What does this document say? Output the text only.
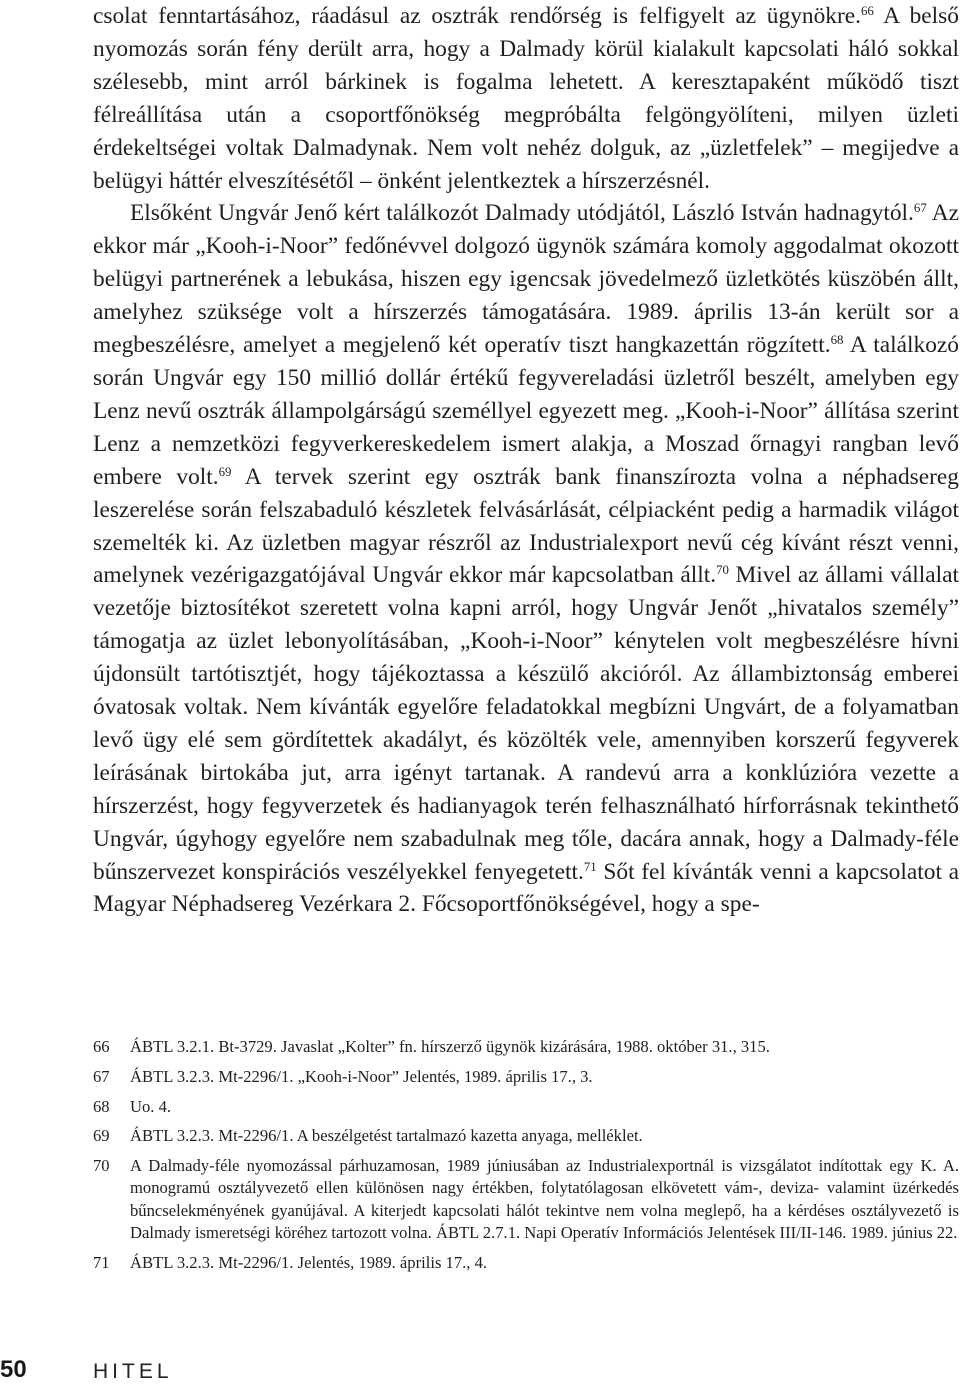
csolat fenntartásához, ráadásul az osztrák rendőrség is felfigyelt az ügynökre.$^{66}$ A belső nyomozás során fény derült arra, hogy a Dalmady körül kialakult kapcsolati háló sokkal szélesebb, mint arról bárkinek is fogalma lehetett. A keresztapaként működő tiszt félreállítása után a csoportfőnökség megpróbálta felgöngyölíteni, milyen üzleti érdekeltségei voltak Dalmadynak. Nem volt nehéz dolguk, az „üzletfelek” – megijedve a belügyi háttér elveszítésétől – önként jelentkeztek a hírszerzésnél.

Elsőként Ungvár Jenő kért találkozót Dalmady utódjától, László István hadnagytól.$^{67}$ Az ekkor már „Kooh-i-Noor” fedőnévvel dolgozó ügynök számára komoly aggodalmat okozott belügyi partnerének a lebukása, hiszen egy igencsak jövedelmező üzletkötés küszöbén állt, amelyhez szüksége volt a hírszerzés támogatására. 1989. április 13-án került sor a megbeszélésre, amelyet a megjelenő két operatív tiszt hangkazettán rögzített.$^{68}$ A találkozó során Ungvár egy 150 millió dollár értékű fegyvereladási üzletről beszélt, amelyben egy Lenz nevű osztrák állampolgárságú személlyel egyezett meg. „Kooh-i-Noor” állítása szerint Lenz a nemzetközi fegyverkereskedelem ismert alakja, a Moszad őrnagyi rangban levő embere volt.$^{69}$ A tervek szerint egy osztrák bank finanszírozta volna a néphadsereg leszerelése során felszabaduló készletek felvásárlását, célpiacként pedig a harmadik világot szemelték ki. Az üzletben magyar részről az Industrialexport nevű cég kívánt részt venni, amelynek vezérigazgatójával Ungvár ekkor már kapcsolatban állt.$^{70}$ Mivel az állami vállalat vezetője biztosítékot szeretett volna kapni arról, hogy Ungvár Jenőt „hivatalos személy” támogatja az üzlet lebonyolításában, „Kooh-i-Noor” kénytelen volt megbeszélésre hívni újdonsült tartótisztjét, hogy tájékoztassa a készülő akcióról. Az állambiztonság emberei óvatosak voltak. Nem kívánták egyelőre feladatokkal megbízni Ungvárt, de a folyamatban levő ügy elé sem gördítettek akadályt, és közölték vele, amennyiben korszerű fegyverek leírásának birtokába jut, arra igényt tartanak. A randevú arra a konklúzióra vezette a hírszerzést, hogy fegyverzetek és hadianyagok terén felhasználható hírforrásnak tekinthető Ungvár, úgyhogy egyelőre nem szabadulnak meg tőle, dacára annak, hogy a Dalmady-féle bűnszervezet konspirációs veszélyekkel fenyegetett.$^{71}$ Sőt fel kívánták venni a kapcsolatot a Magyar Néphadsereg Vezérkara 2. Főcsoportfőnökségével, hogy a spe-

66	ÁBTL 3.2.1. Bt-3729. Javaslat „Kolter” fn. hírszerző ügynök kizárására, 1988. október 31., 315.
67	ÁBTL 3.2.3. Mt-2296/1. „Kooh-i-Noor” Jelentés, 1989. április 17., 3.
68	Uo. 4.
69	ÁBTL 3.2.3. Mt-2296/1. A beszélgetést tartalmazó kazetta anyaga, melléklet.
70	A Dalmady-féle nyomozással párhuzamosan, 1989 júniusában az Industrialexportnál is vizsgálatot indítottak egy K. A. monogramú osztályvezető ellen különösen nagy értékben, folytatólagosan elkövetett vám-, deviza- valamint üzérkedés bűncselekményének gyanújával. A kiterjedt kapcsolati hálót tekintve nem volna meglepő, ha a kérdéses osztályvezető is Dalmady ismeretségi köréhez tartozott volna. ÁBTL 2.7.1. Napi Operatív Információs Jelentések III/II-146. 1989. június 22.
71	ÁBTL 3.2.3. Mt-2296/1. Jelentés, 1989. április 17., 4.
50	HITEL
